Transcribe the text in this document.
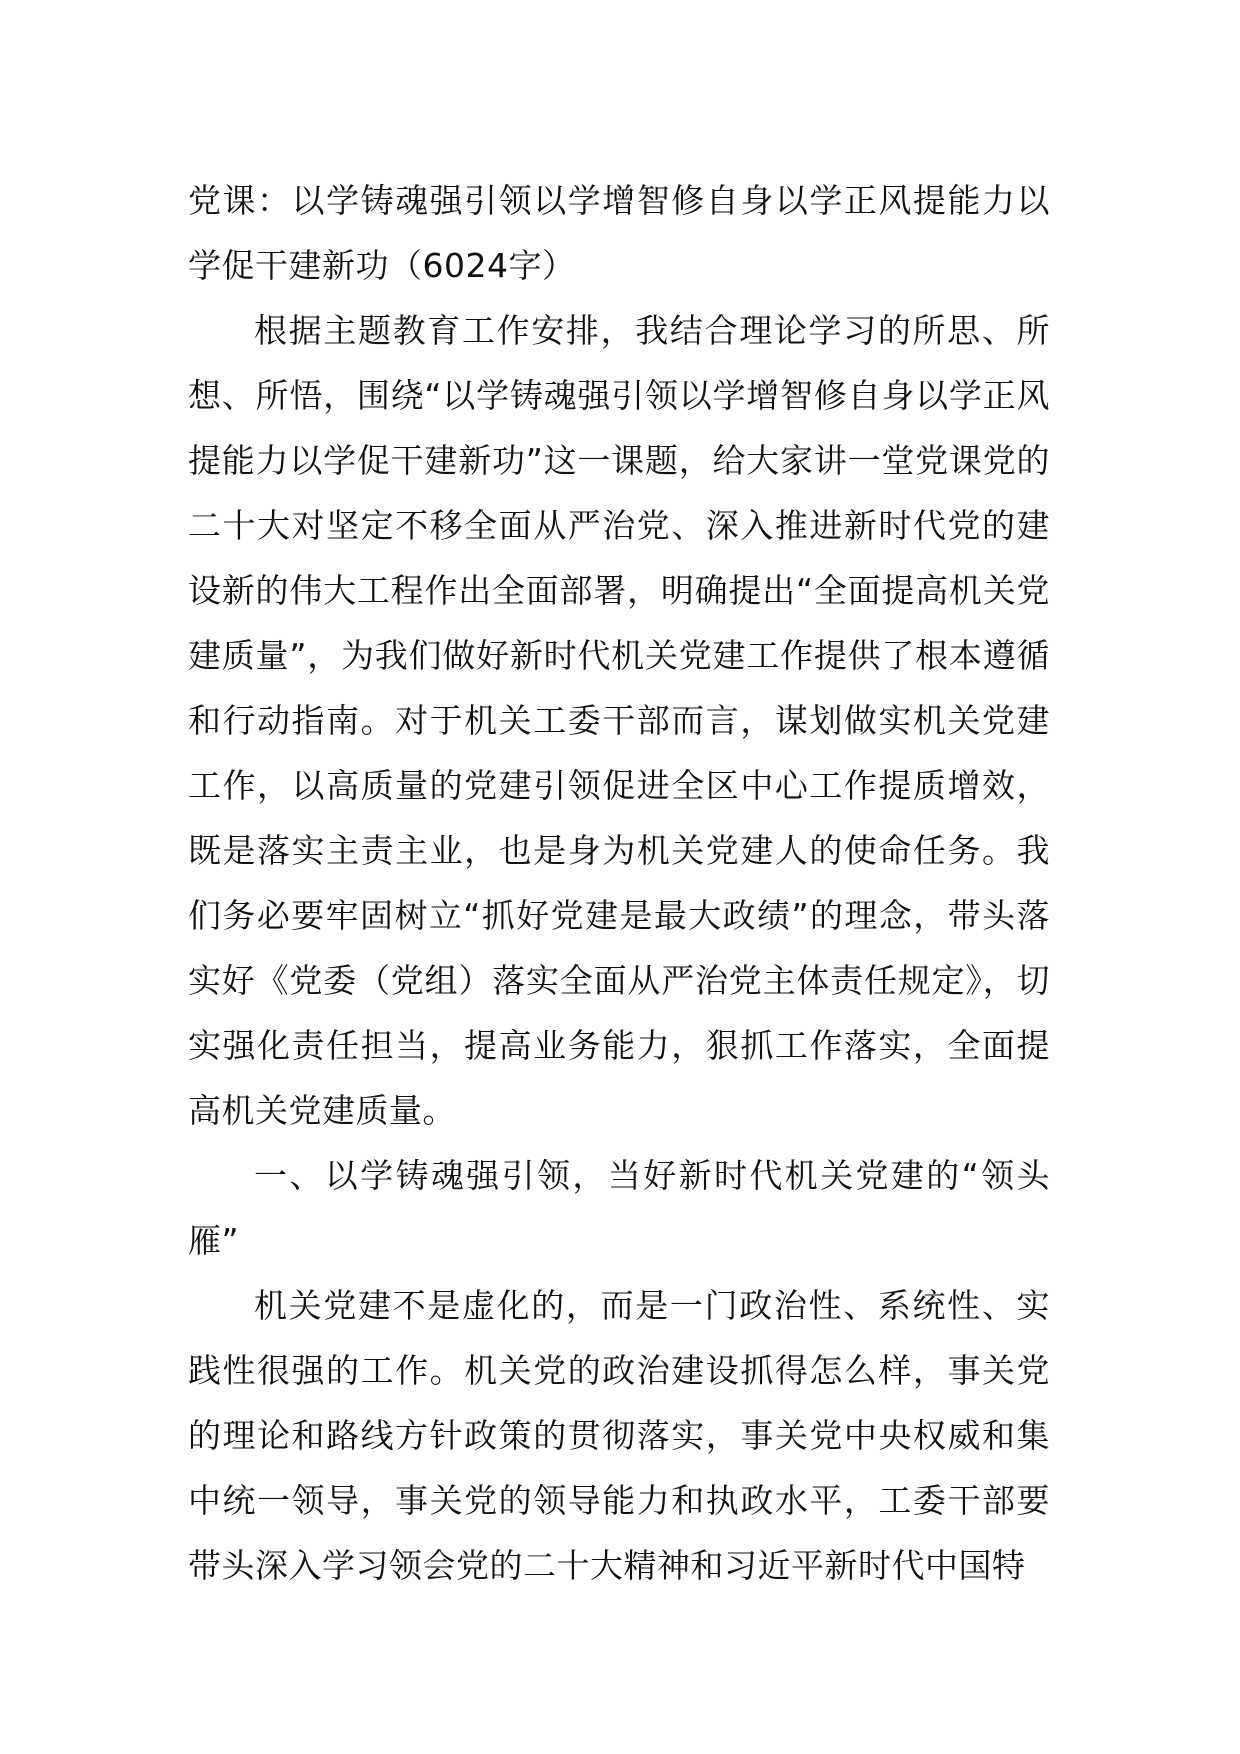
党课：以学铸魂强引领以学增智修自身以学正风提能力以学促干建新功（6024字）

根据主题教育工作安排，我结合理论学习的所思、所想、所悟，围绕“以学铸魂强引领以学增智修自身以学正风提能力以学促干建新功”这一课题，给大家讲一堂党课党的二十大对坚定不移全面从严治党、深入推进新时代党的建设新的伟大工程作出全面部署，明确提出“全面提高机关党建质量”，为我们做好新时代机关党建工作提供了根本遵循和行动指南。对于机关工委干部而言，谋划做实机关党建工作，以高质量的党建引领促进全区中心工作提质增效，既是落实主责主业，也是身为机关党建人的使命任务。我们务必要牢固树立“抓好党建是最大政绩”的理念，带头落实好《党委（党组）落实全面从严治党主体责任规定》，切实强化责任担当，提高业务能力，狠抓工作落实，全面提高机关党建质量。

一、以学铸魂强引领，当好新时代机关党建的“领头雁”

机关党建不是虚化的，而是一门政治性、系统性、实践性很强的工作。机关党的政治建设抓得怎么样，事关党的理论和路线方针政策的贯彻落实，事关党中央权威和集中统一领导，事关党的领导能力和执政水平，工委干部要带头深入学习领会党的二十大精神和习近平新时代中国特
